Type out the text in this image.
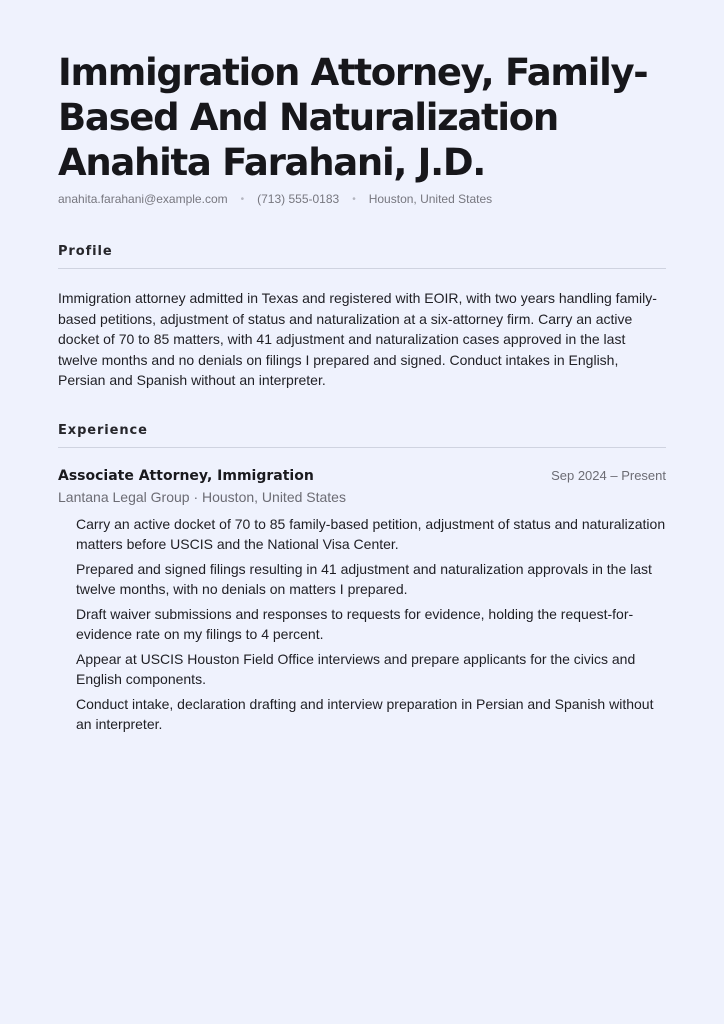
Immigration Attorney, Family-Based And Naturalization Anahita Farahani, J.D.
anahita.farahani@example.com • (713) 555-0183 • Houston, United States
Profile

Immigration attorney admitted in Texas and registered with EOIR, with two years handling family-based petitions, adjustment of status and naturalization at a six-attorney firm. Carry an active docket of 70 to 85 matters, with 41 adjustment and naturalization cases approved in the last twelve months and no denials on filings I prepared and signed. Conduct intakes in English, Persian and Spanish without an interpreter.

Experience
Associate Attorney, Immigration	Sep 2024 – Present
Lantana Legal Group · Houston, United States
Carry an active docket of 70 to 85 family-based petition, adjustment of status and naturalization matters before USCIS and the National Visa Center.
Prepared and signed filings resulting in 41 adjustment and naturalization approvals in the last twelve months, with no denials on matters I prepared.
Draft waiver submissions and responses to requests for evidence, holding the request-for-evidence rate on my filings to 4 percent.
Appear at USCIS Houston Field Office interviews and prepare applicants for the civics and English components.
Conduct intake, declaration drafting and interview preparation in Persian and Spanish without an interpreter.
